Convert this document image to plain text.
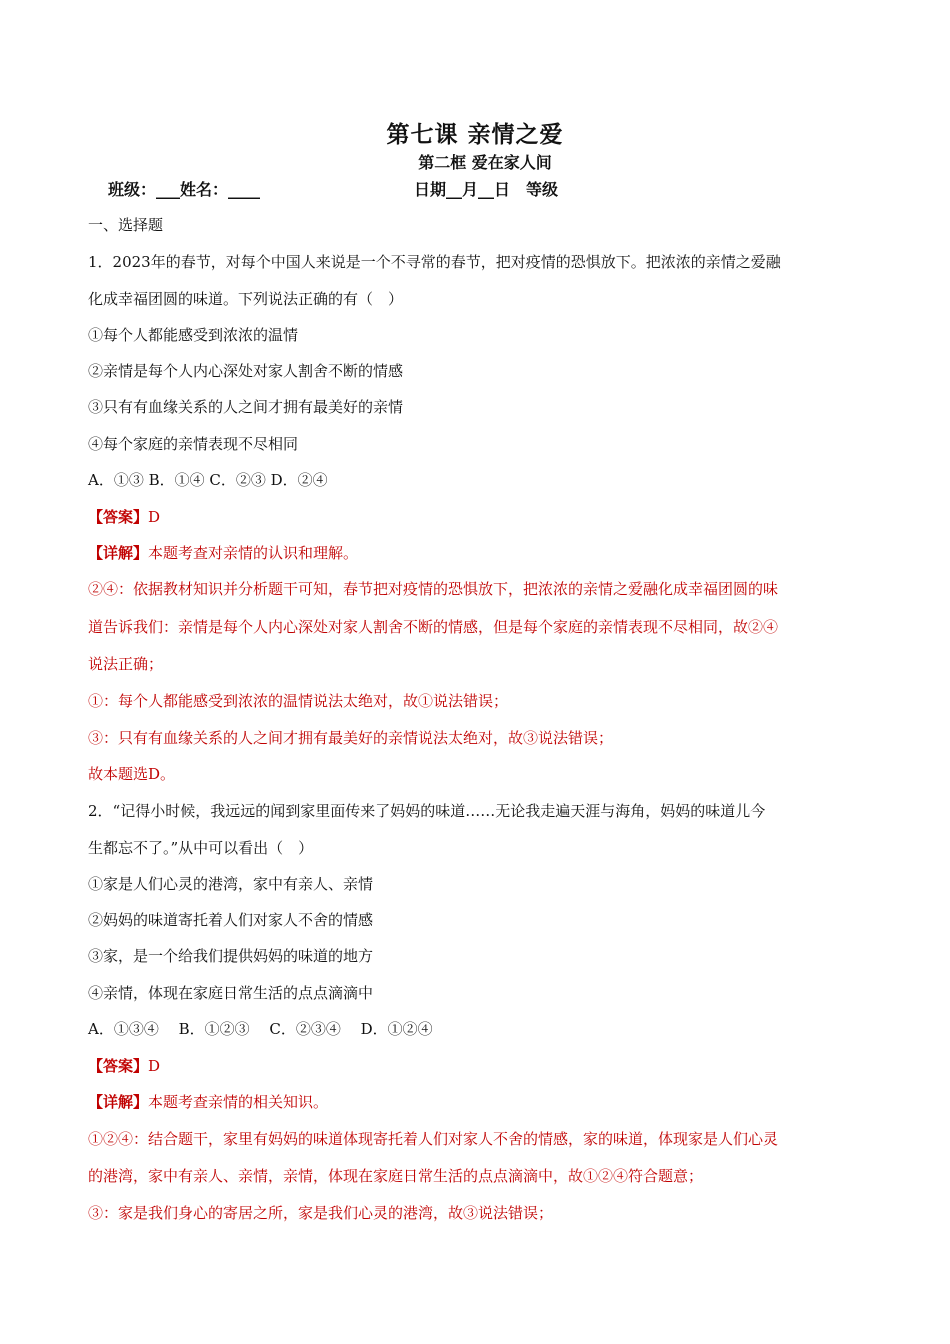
第七课 亲情之爱
第二框 爱在家人间
班级：___姓名：____	日期__月__日　等级
一、选择题
1．2023年的春节，对每个中国人来说是一个不寻常的春节，把对疫情的恐惧放下。把浓浓的亲情之爱融
化成幸福团圆的味道。下列说法正确的有（　）
①每个人都能感受到浓浓的温情
②亲情是每个人内心深处对家人割舍不断的情感
③只有有血缘关系的人之间才拥有最美好的亲情
④每个家庭的亲情表现不尽相同
A．①③ B．①④ C．②③ D．②④
【答案】D
【详解】本题考查对亲情的认识和理解。
②④：依据教材知识并分析题干可知，春节把对疫情的恐惧放下，把浓浓的亲情之爱融化成幸福团圆的味
道告诉我们：亲情是每个人内心深处对家人割舍不断的情感，但是每个家庭的亲情表现不尽相同，故②④
说法正确；
①：每个人都能感受到浓浓的温情说法太绝对，故①说法错误；
③：只有有血缘关系的人之间才拥有最美好的亲情说法太绝对，故③说法错误；
故本题选D。
2．“记得小时候，我远远的闻到家里面传来了妈妈的味道……无论我走遍天涯与海角，妈妈的味道儿今
生都忘不了。”从中可以看出（　）
①家是人们心灵的港湾，家中有亲人、亲情
②妈妈的味道寄托着人们对家人不舍的情感
③家，是一个给我们提供妈妈的味道的地方
④亲情，体现在家庭日常生活的点点滴滴中
A．①③④　 B．①②③　 C．②③④　 D．①②④
【答案】D
【详解】本题考查亲情的相关知识。
①②④：结合题干，家里有妈妈的味道体现寄托着人们对家人不舍的情感，家的味道，体现家是人们心灵
的港湾，家中有亲人、亲情，亲情，体现在家庭日常生活的点点滴滴中，故①②④符合题意；
③：家是我们身心的寄居之所，家是我们心灵的港湾，故③说法错误；
